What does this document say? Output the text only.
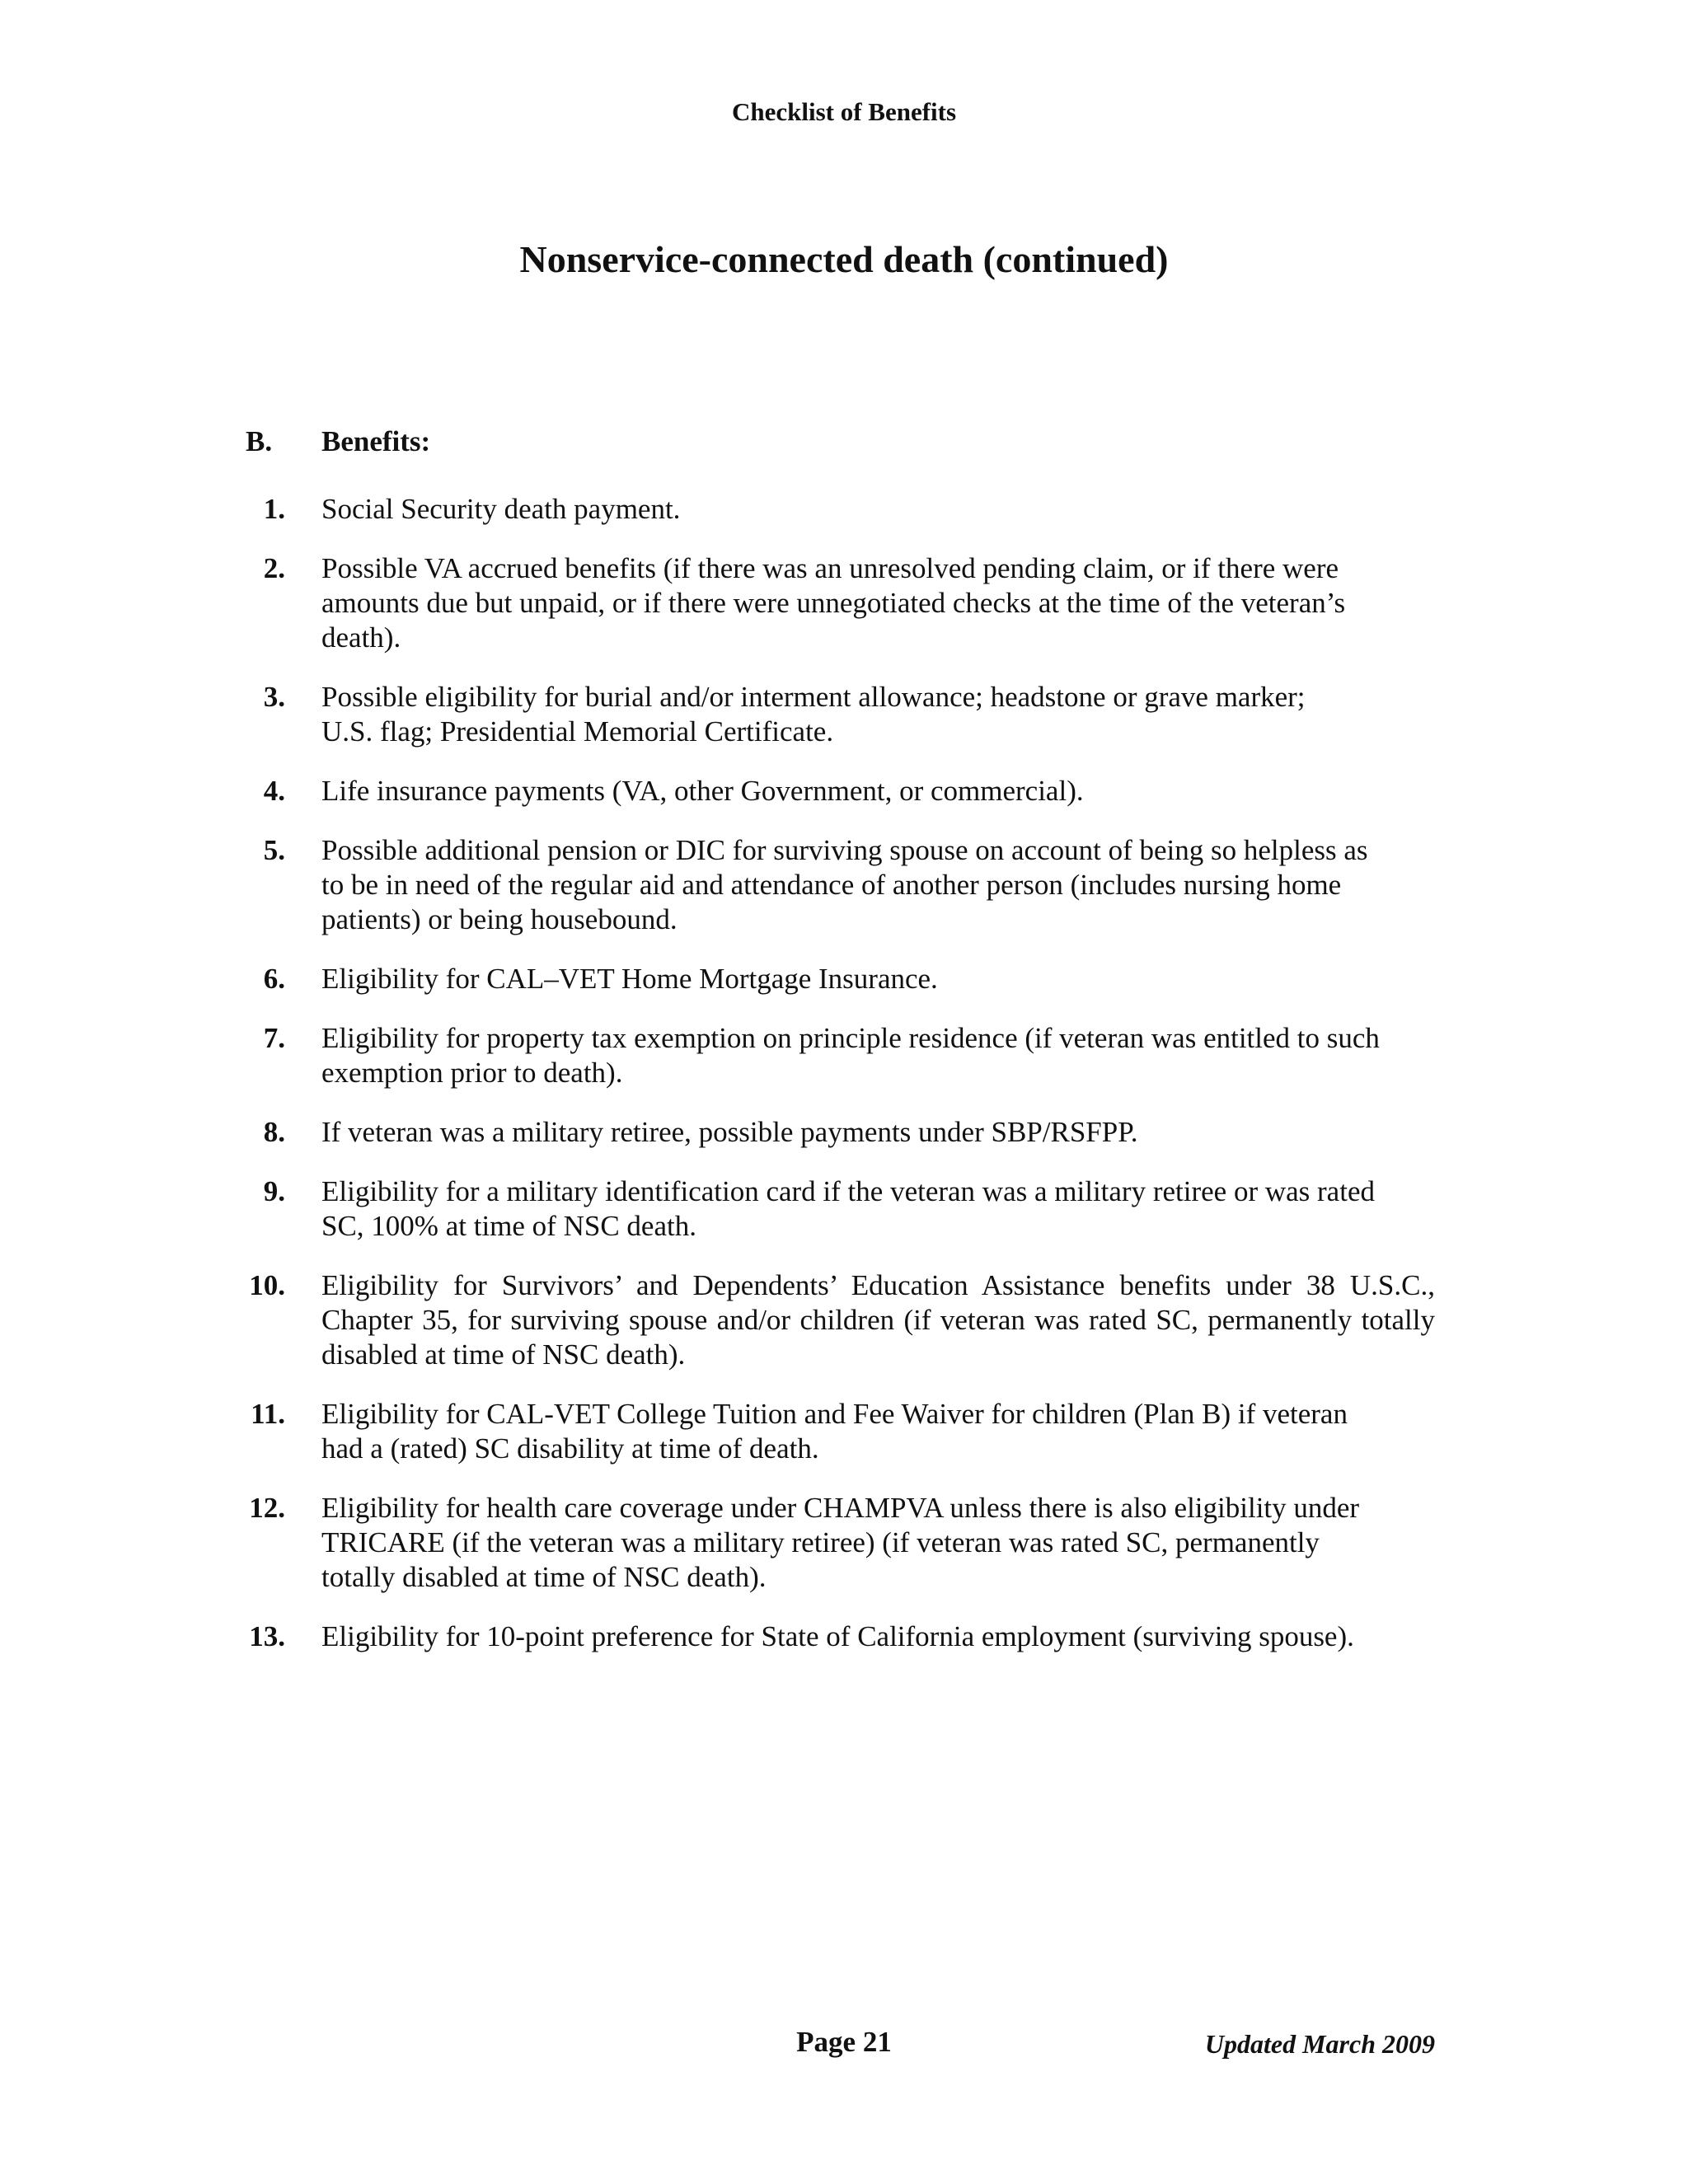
Checklist of Benefits
Nonservice-connected death (continued)
B. Benefits:
1. Social Security death payment.
2. Possible VA accrued benefits (if there was an unresolved pending claim, or if there were amounts due but unpaid, or if there were unnegotiated checks at the time of the veteran’s death).
3. Possible eligibility for burial and/or interment allowance; headstone or grave marker; U.S. flag; Presidential Memorial Certificate.
4. Life insurance payments (VA, other Government, or commercial).
5. Possible additional pension or DIC for surviving spouse on account of being so helpless as to be in need of the regular aid and attendance of another person (includes nursing home patients) or being housebound.
6. Eligibility for CAL–VET Home Mortgage Insurance.
7. Eligibility for property tax exemption on principle residence (if veteran was entitled to such exemption prior to death).
8. If veteran was a military retiree, possible payments under SBP/RSFPP.
9. Eligibility for a military identification card if the veteran was a military retiree or was rated SC, 100% at time of NSC death.
10. Eligibility for Survivors’ and Dependents’ Education Assistance benefits under 38 U.S.C., Chapter 35, for surviving spouse and/or children (if veteran was rated SC, permanently totally disabled at time of NSC death).
11. Eligibility for CAL-VET College Tuition and Fee Waiver for children (Plan B) if veteran had a (rated) SC disability at time of death.
12. Eligibility for health care coverage under CHAMPVA unless there is also eligibility under TRICARE (if the veteran was a military retiree) (if veteran was rated SC, permanently totally disabled at time of NSC death).
13. Eligibility for 10-point preference for State of California employment (surviving spouse).
Page 21	Updated March 2009
